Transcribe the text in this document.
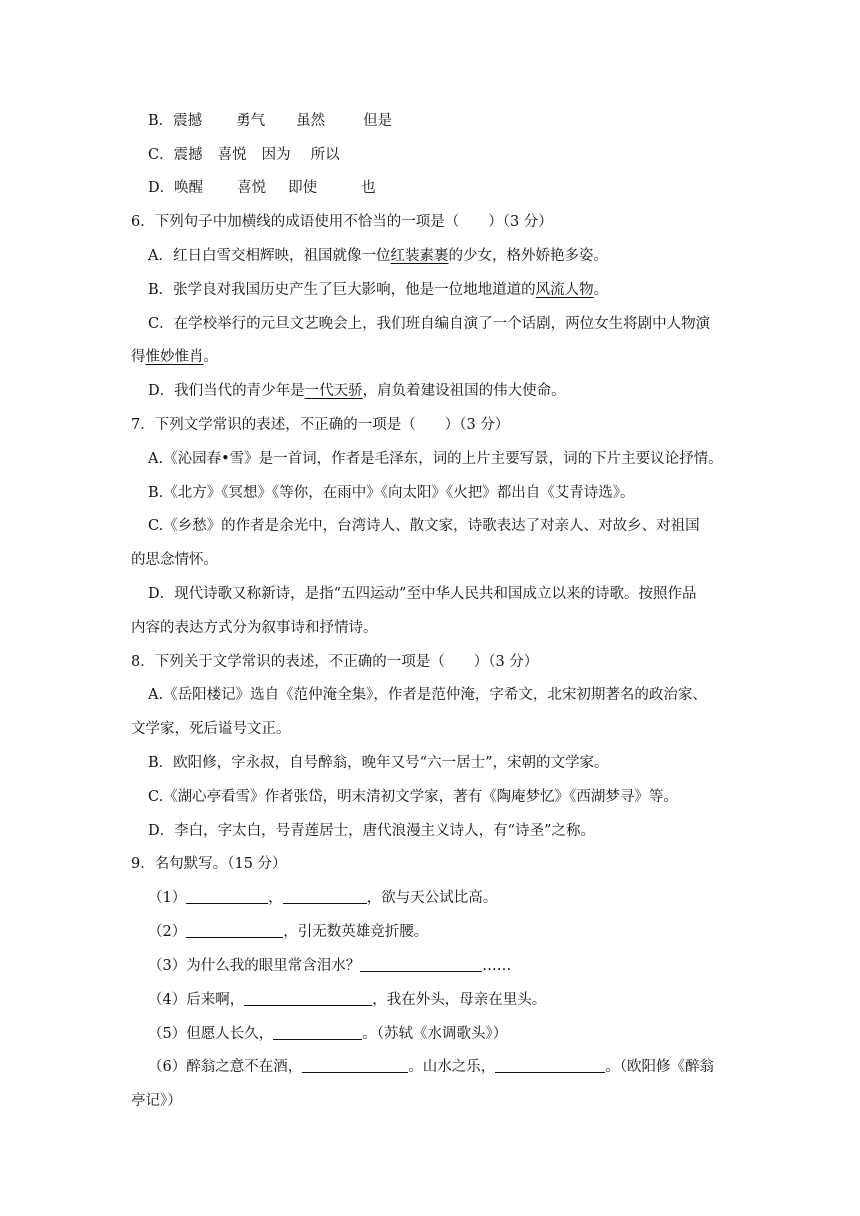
B．震撼 勇气 虽然	但是
C．震撼 喜悦 因为 所以
D．唤醒 喜悦 即使	也
6．下列句子中加横线的成语使用不恰当的一项是（　　）（3 分）
A．红日白雪交相辉映，祖国就像一位红装素裹的少女，格外娇艳多姿。
B．张学良对我国历史产生了巨大影响，他是一位地地道道的风流人物。
C．在学校举行的元旦文艺晚会上，我们班自编自演了一个话剧，两位女生将剧中人物演
得惟妙惟肖。
D．我们当代的青少年是一代天骄，肩负着建设祖国的伟大使命。
7．下列文学常识的表述，不正确的一项是（　　）（3 分）
A.《沁园春•雪》是一首词，作者是毛泽东，词的上片主要写景，词的下片主要议论抒情。
B.《北方》《冥想》《等你，在雨中》《向太阳》《火把》都出自《艾青诗选》。
C.《乡愁》的作者是余光中，台湾诗人、散文家，诗歌表达了对亲人、对故乡、对祖国
的思念情怀。
D．现代诗歌又称新诗，是指“五四运动”至中华人民共和国成立以来的诗歌。按照作品
内容的表达方式分为叙事诗和抒情诗。
8．下列关于文学常识的表述，不正确的一项是（　　）（3 分）
A.《岳阳楼记》选自《范仲淹全集》，作者是范仲淹，字希文，北宋初期著名的政治家、
文学家，死后谥号文正。
B．欧阳修，字永叔，自号醉翁，晚年又号“六一居士”，宋朝的文学家。
C.《湖心亭看雪》作者张岱，明末清初文学家，著有《陶庵梦忆》《西湖梦寻》等。
D．李白，字太白，号青莲居士，唐代浪漫主义诗人，有“诗圣”之称。
9．名句默写。（15 分）
（1）	，	，欲与天公试比高。
（2）	，引无数英雄竞折腰。
（3）为什么我的眼里常含泪水？	……
（4）后来啊，	，我在外头，母亲在里头。
（5）但愿人长久，	。（苏轼《水调歌头》）
（6）醉翁之意不在酒，	。山水之乐，	。（欧阳修《醉翁
亭记》）
